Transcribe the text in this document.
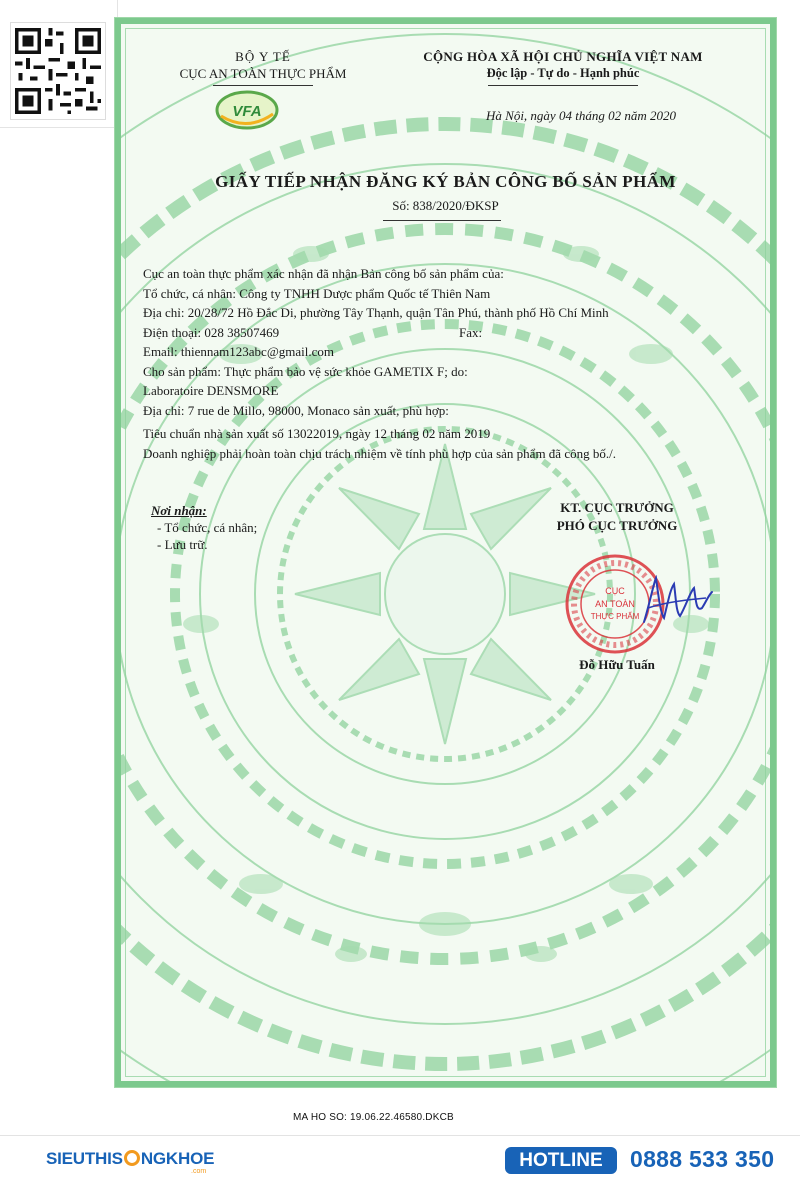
BỘ Y TẾ
CỤC AN TOÀN THỰC PHẨM
VFA
CỘNG HÒA XÃ HỘI CHỦ NGHĨA VIỆT NAM
Độc lập - Tự do - Hạnh phúc
Hà Nội, ngày 04 tháng 02 năm 2020
GIẤY TIẾP NHẬN ĐĂNG KÝ BẢN CÔNG BỐ SẢN PHẨM
Số: 838/2020/ĐKSP
Cục an toàn thực phẩm xác nhận đã nhận Bản công bố sản phẩm của:
Tổ chức, cá nhân: Công ty TNHH Dược phẩm Quốc tế Thiên Nam
Địa chỉ: 20/28/72 Hồ Đắc Di, phường Tây Thạnh, quận Tân Phú, thành phố Hồ Chí Minh
Điện thoại: 028 38507469	Fax:
Email: thiennam123abc@gmail.com
Cho sản phẩm: Thực phẩm bảo vệ sức khỏe GAMETIX F; do:
Laboratoire DENSMORE
Địa chỉ: 7 rue de Millo, 98000, Monaco sản xuất, phù hợp:
Tiêu chuẩn nhà sản xuất số 13022019, ngày 12 tháng 02 năm 2019
Doanh nghiệp phải hoàn toàn chịu trách nhiệm về tính phù hợp của sản phẩm đã công bố./.
Nơi nhận:
- Tổ chức, cá nhân;
- Lưu trữ.
KT. CỤC TRƯỞNG
PHÓ CỤC TRƯỞNG
CỤC
AN TOÀN
THỰC PHẨM
Đỗ Hữu Tuấn
MA HO SO: 19.06.22.46580.DKCB
SIEUTHIS NGKHOE
.com
HOTLINE	0888 533 350
